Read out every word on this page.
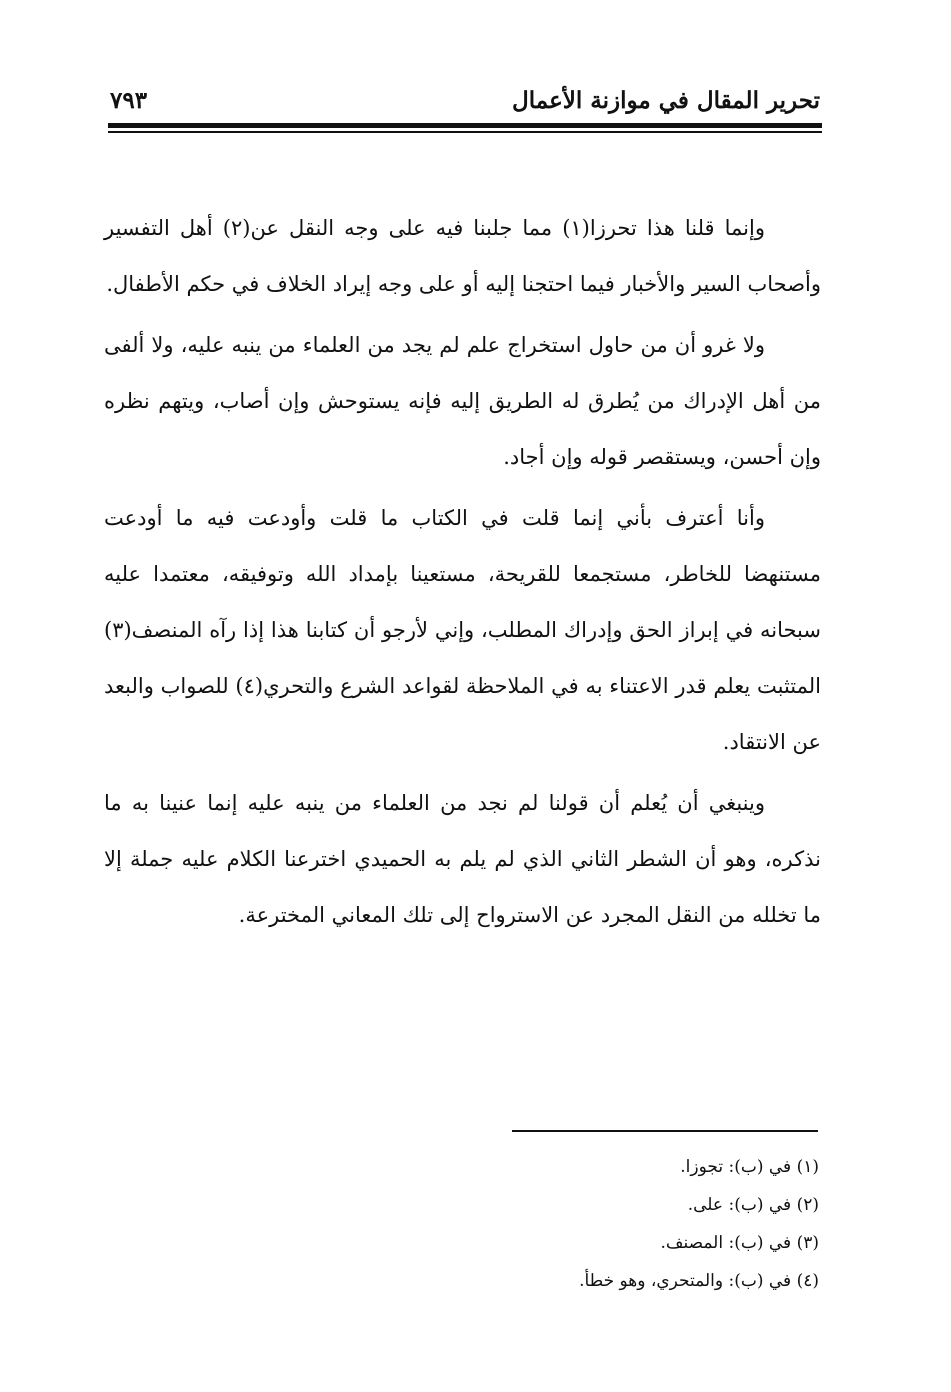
تحرير المقال في موازنة الأعمال
٧٩٣

وإنما قلنا هذا تحرزا(١) مما جلبنا فيه على وجه النقل عن(٢) أهل التفسير وأصحاب السير والأخبار فيما احتجنا إليه أو على وجه إيراد الخلاف في حكم الأطفال.

ولا غرو أن من حاول استخراج علم لم يجد من العلماء من ينبه عليه، ولا ألفى من أهل الإدراك من يُطرق له الطريق إليه فإنه يستوحش وإن أصاب، ويتهم نظره وإن أحسن، ويستقصر قوله وإن أجاد.

وأنا أعترف بأني إنما قلت في الكتاب ما قلت وأودعت فيه ما أودعت مستنهضا للخاطر، مستجمعا للقريحة، مستعينا بإمداد الله وتوفيقه، معتمدا عليه سبحانه في إبراز الحق وإدراك المطلب، وإني لأرجو أن كتابنا هذا إذا رآه المنصف(٣) المتثبت يعلم قدر الاعتناء به في الملاحظة لقواعد الشرع والتحري(٤) للصواب والبعد عن الانتقاد.

وينبغي أن يُعلم أن قولنا لم نجد من العلماء من ينبه عليه إنما عنينا به ما نذكره، وهو أن الشطر الثاني الذي لم يلم به الحميدي اخترعنا الكلام عليه جملة إلا ما تخلله من النقل المجرد عن الاسترواح إلى تلك المعاني المخترعة.

(١) في (ب): تجوزا.
(٢) في (ب): على.
(٣) في (ب): المصنف.
(٤) في (ب): والمتحري، وهو خطأ.
